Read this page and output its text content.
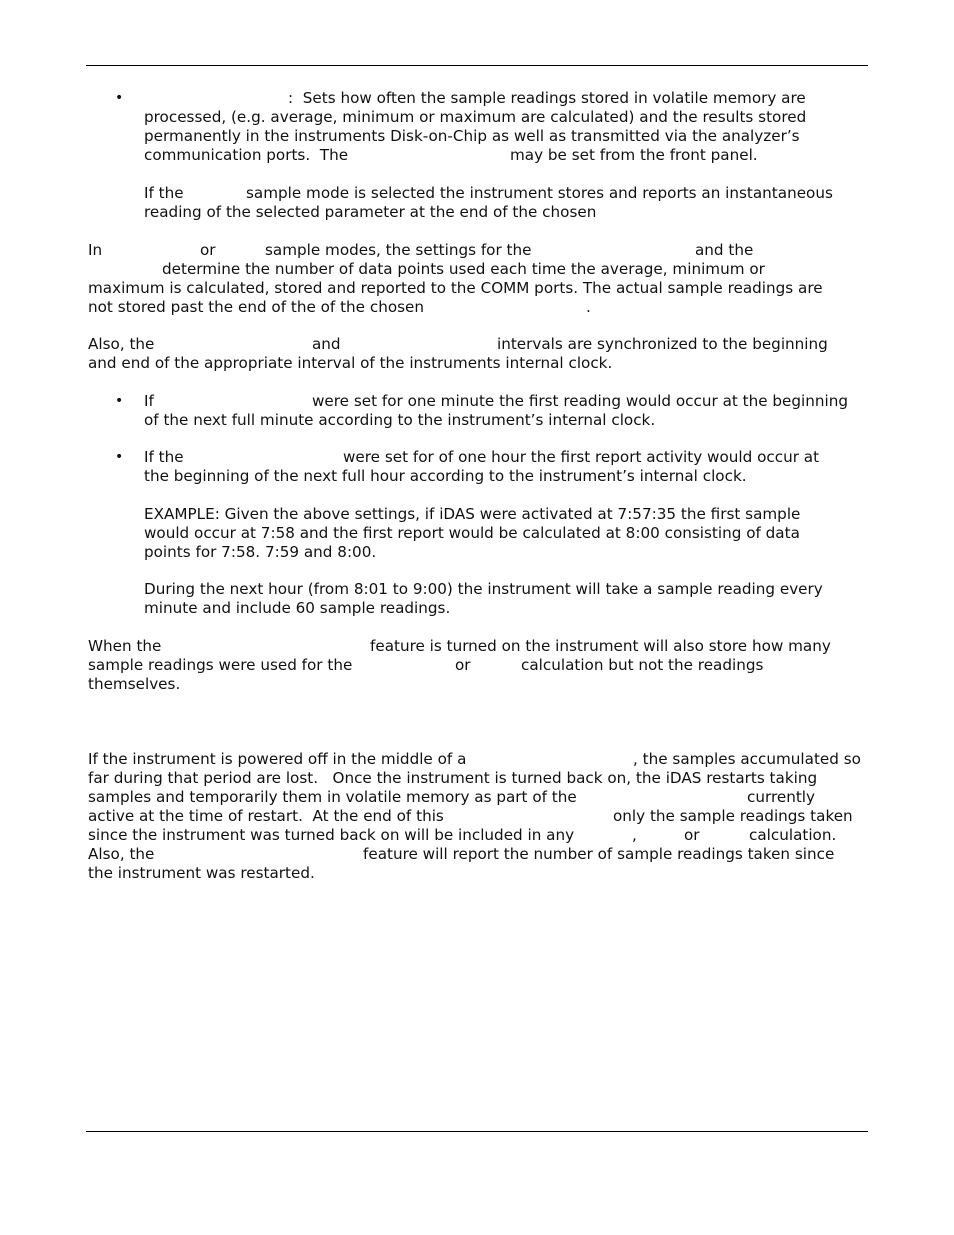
•	:  Sets how often the sample readings stored in volatile memory are

processed, (e.g. average, minimum or maximum are calculated) and the results stored

permanently in the instruments Disk-on-Chip as well as transmitted via the analyzer’s

communication ports.  The	may be set from the front panel.

If the	sample mode is selected the instrument stores and reports an instantaneous

reading of the selected parameter at the end of the chosen

In	or	sample modes, the settings for the	and the

determine the number of data points used each time the average, minimum or

maximum is calculated, stored and reported to the COMM ports. The actual sample readings are

not stored past the end of the of the chosen	.

Also, the	and	intervals are synchronized to the beginning

and end of the appropriate interval of the instruments internal clock.

• If	were set for one minute the first reading would occur at the beginning

of the next full minute according to the instrument’s internal clock.

• If the	were set for of one hour the first report activity would occur at

the beginning of the next full hour according to the instrument’s internal clock.

EXAMPLE: Given the above settings, if iDAS were activated at 7:57:35 the first sample

would occur at 7:58 and the first report would be calculated at 8:00 consisting of data

points for 7:58. 7:59 and 8:00.

During the next hour (from 8:01 to 9:00) the instrument will take a sample reading every

minute and include 60 sample readings.

When the	feature is turned on the instrument will also store how many

sample readings were used for the	or	calculation but not the readings

themselves.

If the instrument is powered off in the middle of a	, the samples accumulated so

far during that period are lost.   Once the instrument is turned back on, the iDAS restarts taking

samples and temporarily them in volatile memory as part of the	currently

active at the time of restart.  At the end of this	only the sample readings taken

since the instrument was turned back on will be included in any	,	or	calculation.

Also, the	feature will report the number of sample readings taken since

the instrument was restarted.
